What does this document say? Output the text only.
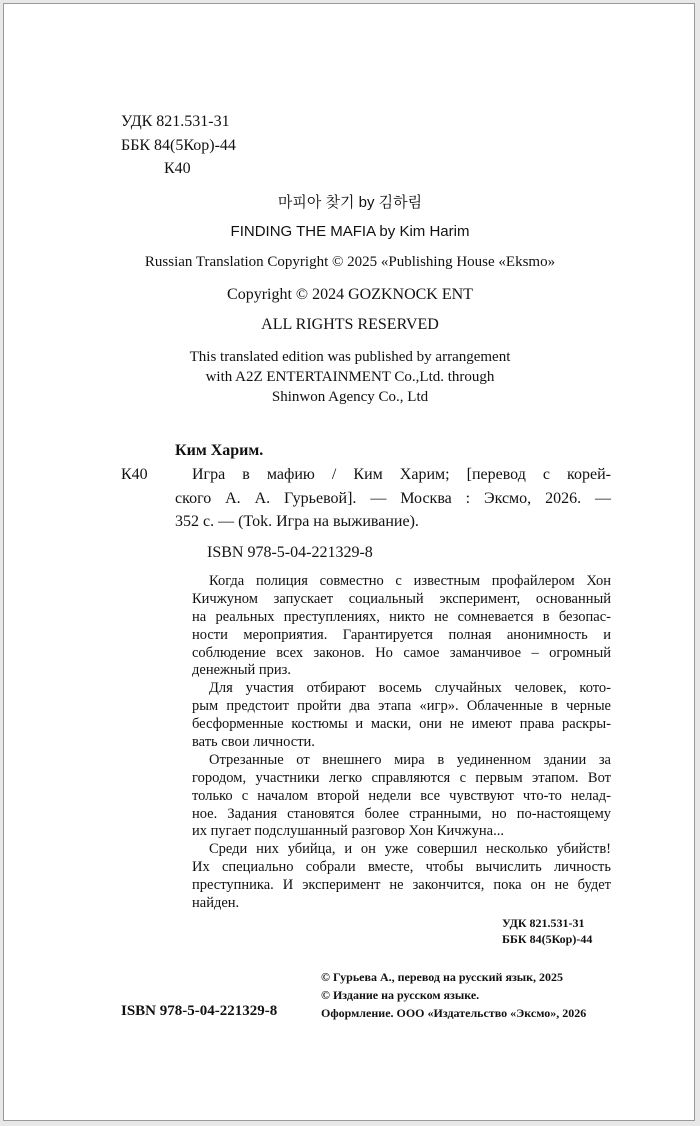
УДК 821.531-31
ББК 84(5Кор)-44
К40
마피아 찾기 by 김하림
FINDING THE MAFIA by Kim Harim
Russian Translation Copyright © 2025 «Publishing House «Eksmo»
Copyright © 2024 GOZKNOCK ENT
ALL RIGHTS RESERVED
This translated edition was published by arrangement
with A2Z ENTERTAINMENT Co.,Ltd. through
Shinwon Agency Co., Ltd
Ким Харим.
К40	Игра в мафию / Ким Харим; [перевод с корей-
ского А. А. Гурьевой]. — Москва : Эксмо, 2026. —
352 с. — (Tok. Игра на выживание).
ISBN 978-5-04-221329-8
Когда полиция совместно с известным профайлером Хон
Кичжуном запускает социальный эксперимент, основанный
на реальных преступлениях, никто не сомневается в безопас-
ности мероприятия. Гарантируется полная анонимность и
соблюдение всех законов. Но самое заманчивое – огромный
денежный приз.
Для участия отбирают восемь случайных человек, кото-
рым предстоит пройти два этапа «игр». Облаченные в черные
бесформенные костюмы и маски, они не имеют права раскры-
вать свои личности.
Отрезанные от внешнего мира в уединенном здании за
городом, участники легко справляются с первым этапом. Вот
только с началом второй недели все чувствуют что-то нелад-
ное. Задания становятся более странными, но по-настоящему
их пугает подслушанный разговор Хон Кичжуна...
Среди них убийца, и он уже совершил несколько убийств!
Их специально собрали вместе, чтобы вычислить личность
преступника. И эксперимент не закончится, пока он не будет
найден.
УДК 821.531-31
ББК 84(5Кор)-44
© Гурьева А., перевод на русский язык, 2025
© Издание на русском языке.
ISBN 978-5-04-221329-8	Оформление. ООО «Издательство «Эксмо», 2026
